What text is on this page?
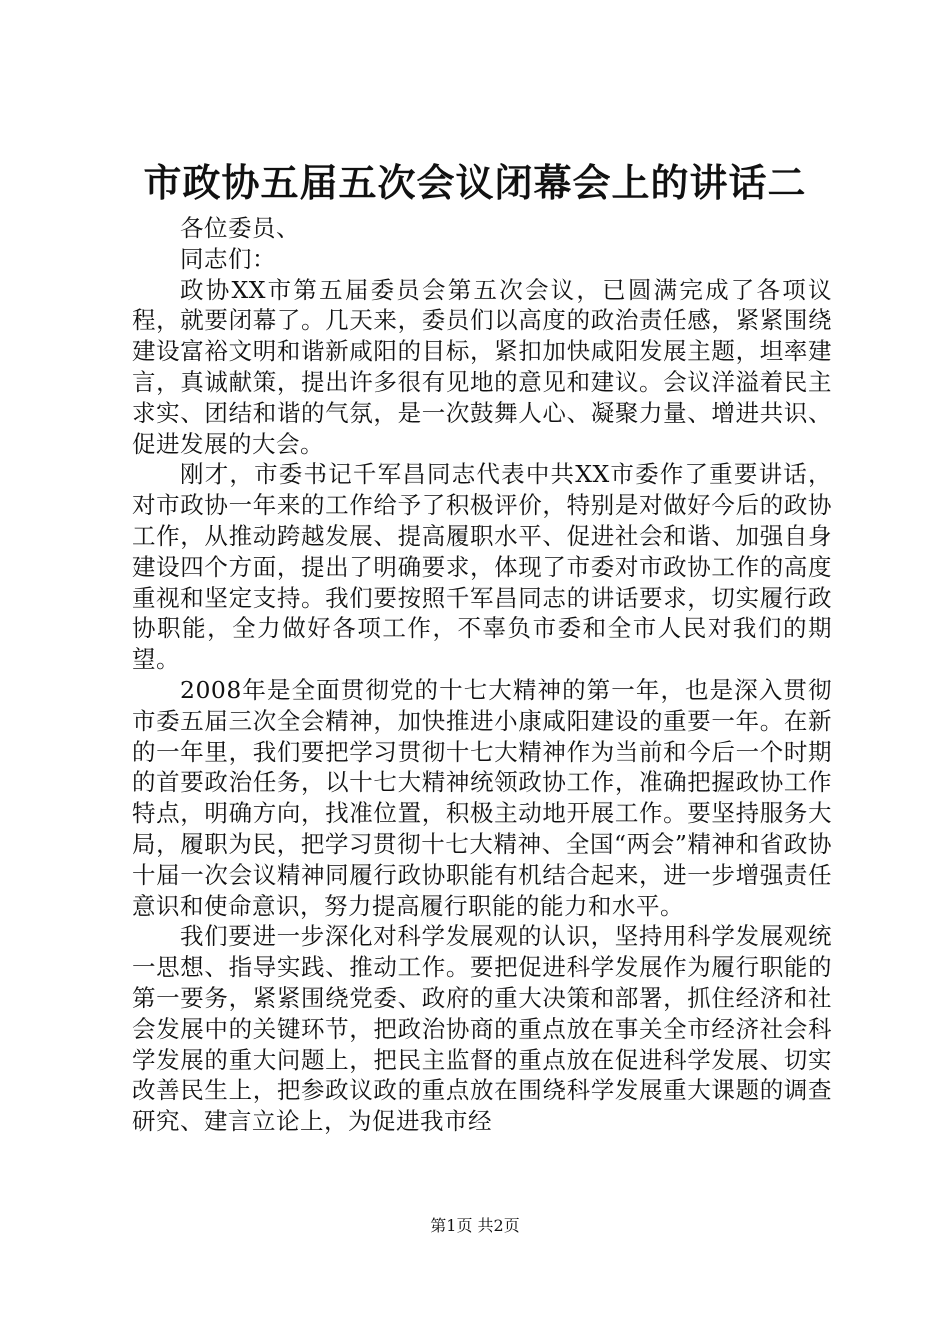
市政协五届五次会议闭幕会上的讲话二

各位委员、

同志们：

政协XX市第五届委员会第五次会议，已圆满完成了各项议程，就要闭幕了。几天来，委员们以高度的政治责任感，紧紧围绕建设富裕文明和谐新咸阳的目标，紧扣加快咸阳发展主题，坦率建言，真诚献策，提出许多很有见地的意见和建议。会议洋溢着民主求实、团结和谐的气氛，是一次鼓舞人心、凝聚力量、增进共识、促进发展的大会。

刚才，市委书记千军昌同志代表中共XX市委作了重要讲话，对市政协一年来的工作给予了积极评价，特别是对做好今后的政协工作，从推动跨越发展、提高履职水平、促进社会和谐、加强自身建设四个方面，提出了明确要求，体现了市委对市政协工作的高度重视和坚定支持。我们要按照千军昌同志的讲话要求，切实履行政协职能，全力做好各项工作，不辜负市委和全市人民对我们的期望。

2008年是全面贯彻党的十七大精神的第一年，也是深入贯彻市委五届三次全会精神，加快推进小康咸阳建设的重要一年。在新的一年里，我们要把学习贯彻十七大精神作为当前和今后一个时期的首要政治任务，以十七大精神统领政协工作，准确把握政协工作特点，明确方向，找准位置，积极主动地开展工作。要坚持服务大局，履职为民，把学习贯彻十七大精神、全国“两会”精神和省政协十届一次会议精神同履行政协职能有机结合起来，进一步增强责任意识和使命意识，努力提高履行职能的能力和水平。

我们要进一步深化对科学发展观的认识，坚持用科学发展观统一思想、指导实践、推动工作。要把促进科学发展作为履行职能的第一要务，紧紧围绕党委、政府的重大决策和部署，抓住经济和社会发展中的关键环节，把政治协商的重点放在事关全市经济社会科学发展的重大问题上，把民主监督的重点放在促进科学发展、切实改善民生上，把参政议政的重点放在围绕科学发展重大课题的调查研究、建言立论上，为促进我市经

第1页 共2页
